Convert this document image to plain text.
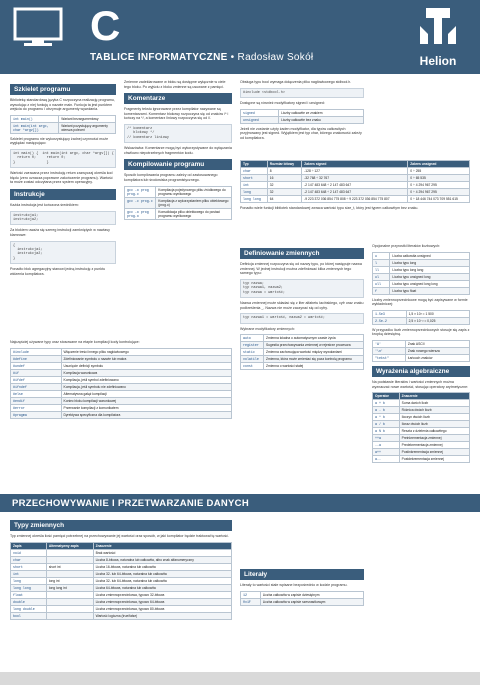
C
TABLICE INFORMATYCZNE • Radosław Sokół	Helion
Szkielet programu
Bibliotekę standardową języka C rozpoczyna realizację programu, wywołując z niej funkcję o nazwie main. Funkcja ta jest punktem wejścia do programu i otrzymuje argumenty wywołania.
int main()	Wariant bezargumentowy
int main(int argc, char *argv[])	Wariant pozyskujący argumenty wiersza poleceń
Szkielet programu nie wykorzystujący żadnej czynności może wyglądać następująco:
int main() {  int main(int argc, char *argv[]) {
return 0;     return 0;
}               }
Wartość zwracana przez instrukcję return zazwyczaj określa kod błędu (zero oznacza poprawne zakończenie programu). Wartość ta może zostać odczytana przez system operacyjny.
Instrukcje
Każda instrukcja jest kończona średnikiem:
instrukcja1;
instrukcja2;
Za blokiem uważa się szereg instrukcji zamkniętych w nawiasy klamrowe:
{
instrukcja1;
instrukcja2;
}
Ponadto blok agregacyjny stanowi jedną instrukcję z punktu widzenia kompilatora.
Najczęściej używane typy oraz stosowane na etapie kompilacji kody kontrolujące:
#include	Włączenie treści innego pliku nagłówkowego
#define	Zdefiniowanie symbolu o nazwie lub makra
#undef	Usunięcie definicji symbolu
#if	Kompilacja warunkowa
#ifdef	Kompilacja, jeśli symbol zdefiniowano
#ifndef	Kompilacja, jeśli symbolu nie zdefiniowano
#else	Alternatywna gałąź kompilacji
#endif	Koniec bloku kompilacji warunkowej
#error	Przerwanie kompilacji z komunikatem
#pragma	Dyrektywa specyficzna dla kompilatora
Zmienne zadeklarowane w bloku są dostępne wyłącznie w ciele tego bloku. Po wyjściu z bloku zmienne są usuwane z pamięci.
Komentarze
Fragmenty tekstu ignorowane przez kompilator nazywane są komentarzami. Komentarz blokowy rozpoczyna się od znaków /* i kończy na */, a komentarz liniowy rozpoczyna się od //.
/* komentarz
blokowy */
// komentarz liniowy
Wskazówka: Komentarze mogą być wykorzystywane do wyłączania chwilowo niepotrzebnych fragmentów kodu.
Kompilowanie programu
Sposób kompilowania programu zależy od zastosowanego kompilatora lub środowiska programistycznego.
gcc -o prog prog.c	Kompilacja pojedynczego pliku źródłowego do programu wynikowego
gcc -c prog.c	Kompilacja z wykorzystaniem pliku obiektowego (prog.o)
gcc -o prog prog.o	Konsolidacja pliku obiektowego do postaci programu wynikowego
Obsługa typu bool wymaga dołączenia pliku nagłówkowego stdbool.h.
#include <stdbool.h>
Dostępne są również modyfikatory signed i unsigned:
signed	Liczby całkowite ze znakiem
unsigned	Liczby całkowite bez znaku
Jeżeli nie zostanie użyty żaden modyfikator, dla typów całkowitych przyjmowany jest signed. Wyjątkiem jest typ char, którego znakowość zależy od kompilatora.
Typ	Rozmiar bitowy	Zakres signed	Zakres unsigned
char	8	-128 ÷ 127	0 ÷ 255
short	16	-32 768 ÷ 32 767	0 ÷ 65 535
int	32	-2 147 483 648 ÷ 2 147 483 647	0 ÷ 4 294 967 295
long	32	-2 147 483 648 ÷ 2 147 483 647	0 ÷ 4 294 967 295
long long	64	-9 223 372 036 854 775 808 ÷ 9 223 372 036 854 775 807	0 ÷ 18 446 744 073 709 551 615
Ponadto wiele funkcji bibliotek standardowej zwraca wartość typu size_t, który jest typem całkowitym bez znaku.
Definiowanie zmiennych
Definicja zmiennej rozpoczyna się od nazwy typu, po której następuje nazwa zmiennej. W jednej instrukcji można zdefiniować kilka zmiennych tego samego typu:
typ nazwa;
typ nazwa1, nazwa2;
typ nazwa = wartość;
Nazwa zmiennej może składać się z liter alfabetu łacińskiego, cyfr oraz znaku podkreślenia _. Nazwa nie może zaczynać się od cyfry.
typ nazwa1 = wartość, nazwa2 = wartość;
Wybrane modyfikatory zmiennych:
auto	Zmienna lokalna o automatycznym czasie życia
register	Sugestia przechowywania zmiennej w rejestrze procesora
static	Zmienna zachowująca wartość między wywołaniami
volatile	Zmienna, która może zmieniać się poza kontrolą programu
const	Zmienna o wartości stałej
Literały
Literały to wartości stałe wpisane bezpośrednio w kodzie programu.
12	Liczba całkowita w zapisie dziesiętnym
0x1F	Liczba całkowita w zapisie szesnastkowym
Opcjonalne przyrostki literałów liczbowych:
u	Liczba całkowita unsigned
l	Liczba typu long
ll	Liczba typu long long
ul	Liczba typu unsigned long
ull	Liczba typu unsigned long long
f	Liczba typu float
Liczby zmiennoprzecinkowe mogą być zapisywane w formie wykładniczej:
1.5e3	1,5 × 10³ = 1 500
2.5e-2	2,5 × 10⁻² = 0,025
W przypadku liczb zmiennoprzecinkowych stosuje się zapis z kropką dziesiętną.
'A'	Znak ASCII
'\n'	Znak nowego wiersza
"tekst"	Łańcuch znaków
Wyrażenia algebraiczne
Na podstawie literałów i wartości zmiennych można wyznaczać nowe wartości, stosując operatory arytmetyczne:
Operator	Znaczenie
a + b	Suma dwóch liczb
a - b	Różnica dwóch liczb
a * b	Iloczyn dwóch liczb
a / b	Iloraz dwóch liczb
a % b	Reszta z dzielenia całkowitego
++a	Preinkrementacja zmiennej
--a	Predekrementacja zmiennej
a++	Postinkrementacja zmiennej
a--	Postdekrementacja zmiennej
PRZECHOWYWANIE I PRZETWARZANIE DANYCH
Typy zmiennych
Typ zmiennej określa ilość pamięci potrzebnej na przechowywanie jej wartości oraz sposób, w jaki kompilator będzie traktował tę wartość.
Zapis	Alternatywny zapis	Znaczenie
void		Brak wartości
char		Liczba 8-bitowa, naturalna lub całkowita, albo znak alfanumeryczny
short	short int	Liczba 16-bitowa, naturalna lub całkowita
int		Liczba 32- lub 64-bitowa, naturalna lub całkowita
long	long int	Liczba 32- lub 64-bitowa, naturalna lub całkowita
long long	long long int	Liczba 64-bitowa, naturalna lub całkowita
float		Liczba zmiennoprzecinkowa, typowo 32-bitowa
double		Liczba zmiennoprzecinkowa, typowo 64-bitowa
long double		Liczba zmiennoprzecinkowa, typowo 80-bitowa
bool		Wartość logiczna (true/false)
